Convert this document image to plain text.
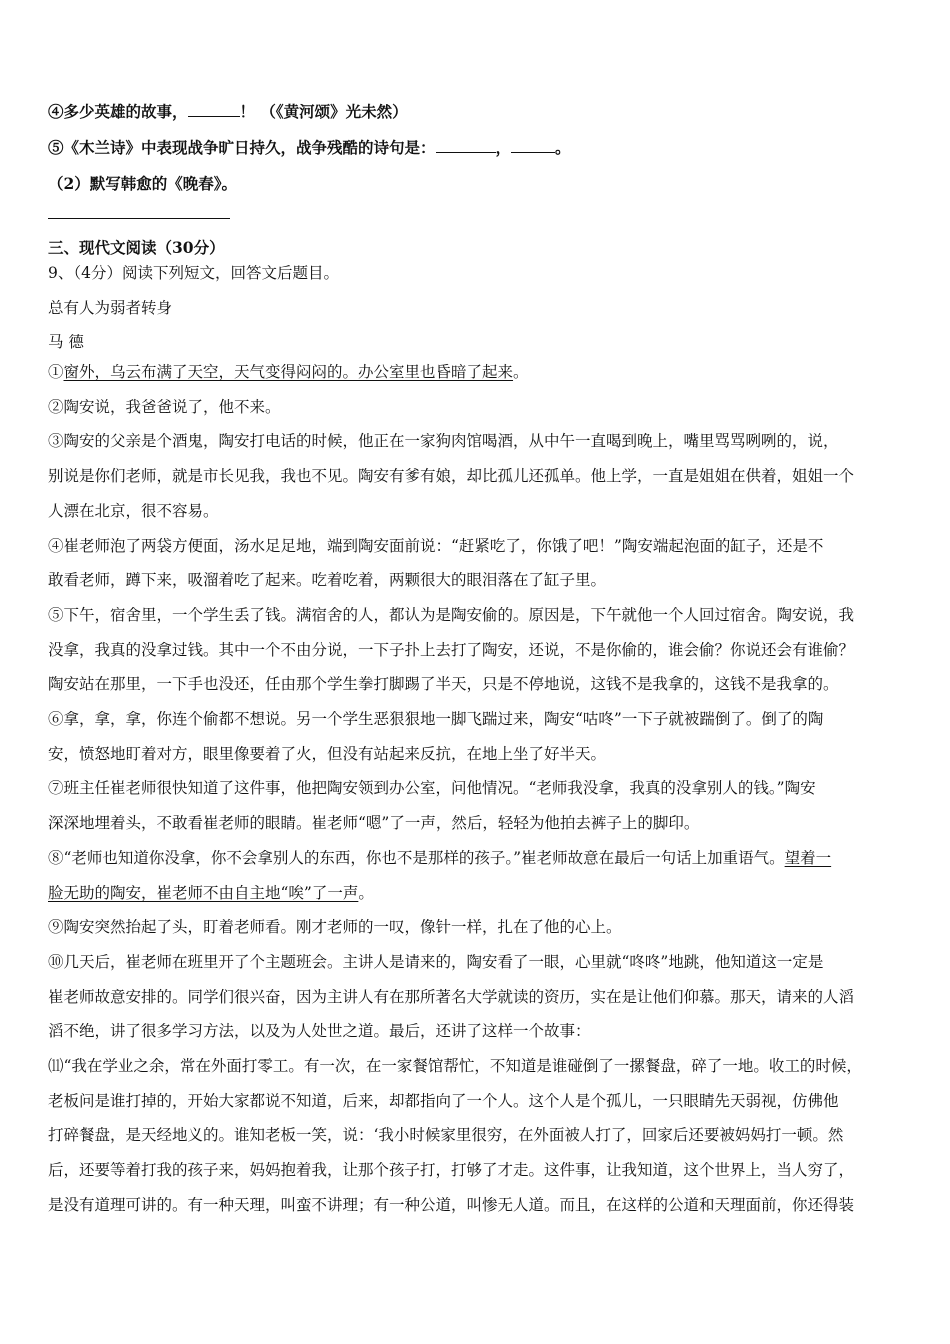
④多少英雄的故事，	！ （《黄河颂》光未然）
⑤《木兰诗》中表现战争旷日持久，战争残酷的诗句是：	，	。
（2）默写韩愈的《晚春》。
三、现代文阅读（30分）
9、（4分）阅读下列短文，回答文后题目。
总有人为弱者转身
马 德
①窗外，乌云布满了天空，天气变得闷闷的。办公室里也昏暗了起来。
②陶安说，我爸爸说了，他不来。
③陶安的父亲是个酒鬼，陶安打电话的时候，他正在一家狗肉馆喝酒，从中午一直喝到晚上，嘴里骂骂咧咧的，说，
别说是你们老师，就是市长见我，我也不见。陶安有爹有娘，却比孤儿还孤单。他上学，一直是姐姐在供着，姐姐一个
人漂在北京，很不容易。
④崔老师泡了两袋方便面，汤水足足地，端到陶安面前说：“赶紧吃了，你饿了吧！”陶安端起泡面的缸子，还是不
敢看老师，蹲下来，吸溜着吃了起来。吃着吃着，两颗很大的眼泪落在了缸子里。
⑤下午，宿舍里，一个学生丢了钱。满宿舍的人，都认为是陶安偷的。原因是，下午就他一个人回过宿舍。陶安说，我
没拿，我真的没拿过钱。其中一个不由分说，一下子扑上去打了陶安，还说，不是你偷的，谁会偷？你说还会有谁偷？
陶安站在那里，一下手也没还，任由那个学生拳打脚踢了半天，只是不停地说，这钱不是我拿的，这钱不是我拿的。
⑥拿，拿，拿，你连个偷都不想说。另一个学生恶狠狠地一脚飞踹过来，陶安“咕咚”一下子就被踹倒了。倒了的陶
安，愤怒地盯着对方，眼里像要着了火，但没有站起来反抗，在地上坐了好半天。
⑦班主任崔老师很快知道了这件事，他把陶安领到办公室，问他情况。“老师我没拿，我真的没拿别人的钱。”陶安
深深地埋着头，不敢看崔老师的眼睛。崔老师“嗯”了一声，然后，轻轻为他拍去裤子上的脚印。
⑧“老师也知道你没拿，你不会拿别人的东西，你也不是那样的孩子。”崔老师故意在最后一句话上加重语气。望着一
脸无助的陶安，崔老师不由自主地“唉”了一声。
⑨陶安突然抬起了头，盯着老师看。刚才老师的一叹，像针一样，扎在了他的心上。
⑩几天后，崔老师在班里开了个主题班会。主讲人是请来的，陶安看了一眼，心里就“咚咚”地跳，他知道这一定是
崔老师故意安排的。同学们很兴奋，因为主讲人有在那所著名大学就读的资历，实在是让他们仰慕。那天，请来的人滔
滔不绝，讲了很多学习方法，以及为人处世之道。最后，还讲了这样一个故事：
⑾“我在学业之余，常在外面打零工。有一次，在一家餐馆帮忙，不知道是谁碰倒了一摞餐盘，碎了一地。收工的时候，
老板问是谁打掉的，开始大家都说不知道，后来，却都指向了一个人。这个人是个孤儿，一只眼睛先天弱视，仿佛他
打碎餐盘，是天经地义的。谁知老板一笑，说：‘我小时候家里很穷，在外面被人打了，回家后还要被妈妈打一顿。然
后，还要等着打我的孩子来，妈妈抱着我，让那个孩子打，打够了才走。这件事，让我知道，这个世界上，当人穷了，
是没有道理可讲的。有一种天理，叫蛮不讲理；有一种公道，叫惨无人道。而且，在这样的公道和天理面前，你还得装
